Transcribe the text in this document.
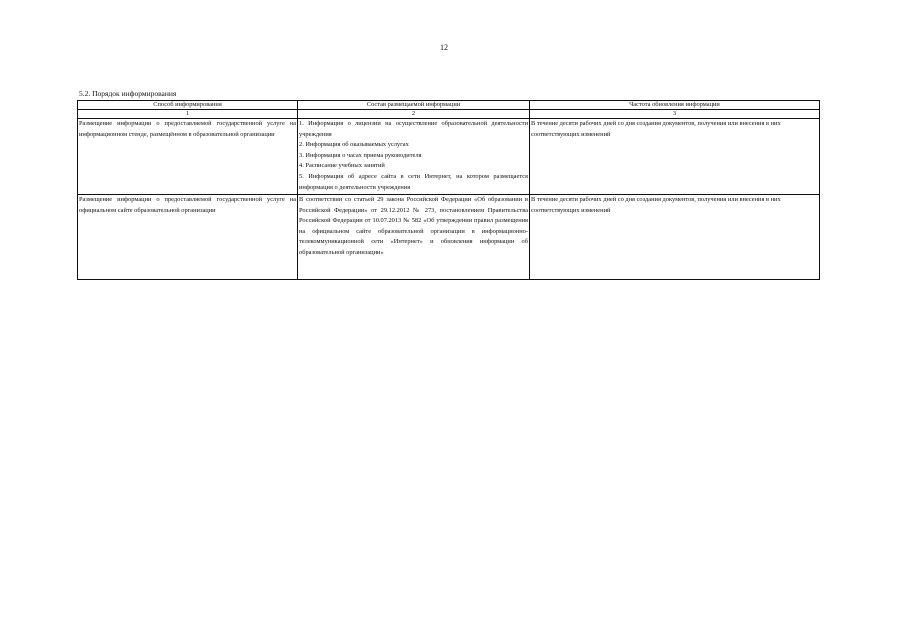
12
5.2. Порядок информирования
Способ информирования	Состав размещаемой информации	Частота обновления информации
1	2	3
Размещение информации о предоставляемой государственной услуге на информационном стенде, размещённом в образовательной организации	1. Информация о лицензии на осуществление образовательной деятельности учреждения
2. Информация об оказываемых услугах
3. Информация о часах приема руководителя
4. Расписание учебных занятий
5. Информация об адресе сайта в сети Интернет, на котором размещается информация о деятельности учреждения	В течение десяти рабочих дней со дня создания документов, получения или внесения в них соответствующих изменений
Размещение информации о предоставляемой государственной услуге на официальном сайте образовательной организации	В соответствии со статьей 29 закона Российской Федерации «Об образовании в Российской Федерации» от 29.12.2012 № 273, постановлением Правительства Российской Федерации от 10.07.2013 № 582 «Об утверждении правил размещения на официальном сайте образовательной организации в информационно-телекоммуникационной сети «Интернет» и обновления информации об образовательной организации»	В течение десяти рабочих дней со дня создания документов, получения или внесения в них соответствующих изменений
